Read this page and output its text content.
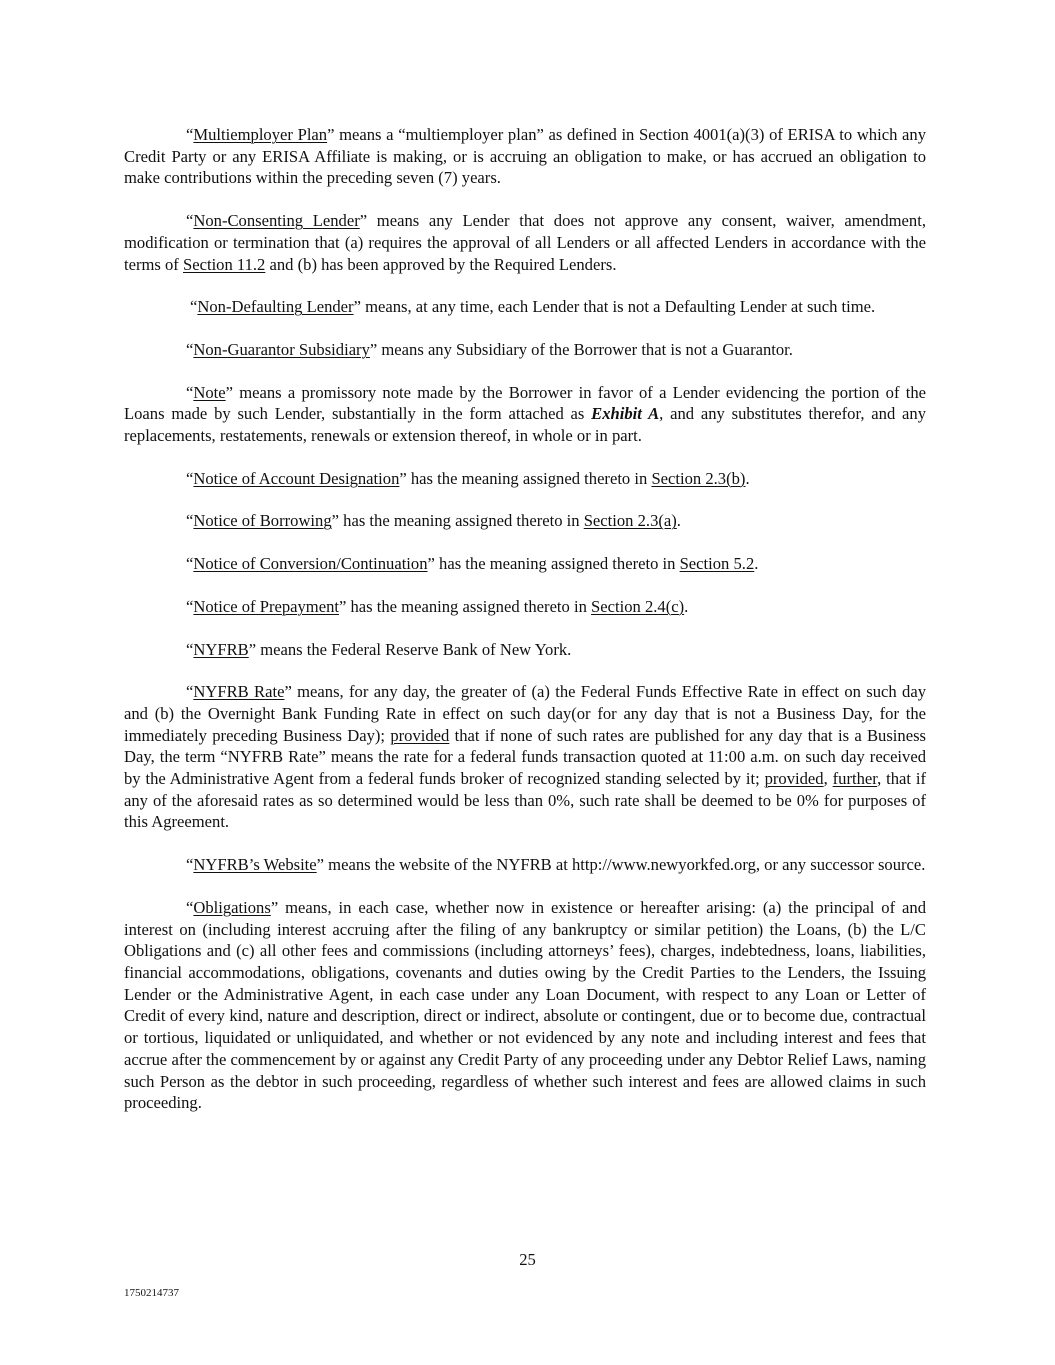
“Multiemployer Plan” means a “multiemployer plan” as defined in Section 4001(a)(3) of ERISA to which any Credit Party or any ERISA Affiliate is making, or is accruing an obligation to make, or has accrued an obligation to make contributions within the preceding seven (7) years.

“Non-Consenting Lender” means any Lender that does not approve any consent, waiver, amendment, modification or termination that (a) requires the approval of all Lenders or all affected Lenders in accordance with the terms of Section 11.2 and (b) has been approved by the Required Lenders.

“Non-Defaulting Lender” means, at any time, each Lender that is not a Defaulting Lender at such time.

“Non-Guarantor Subsidiary” means any Subsidiary of the Borrower that is not a Guarantor.

“Note” means a promissory note made by the Borrower in favor of a Lender evidencing the portion of the Loans made by such Lender, substantially in the form attached as Exhibit A, and any substitutes therefor, and any replacements, restatements, renewals or extension thereof, in whole or in part.

“Notice of Account Designation” has the meaning assigned thereto in Section 2.3(b).

“Notice of Borrowing” has the meaning assigned thereto in Section 2.3(a).

“Notice of Conversion/Continuation” has the meaning assigned thereto in Section 5.2.

“Notice of Prepayment” has the meaning assigned thereto in Section 2.4(c).

“NYFRB” means the Federal Reserve Bank of New York.

“NYFRB Rate” means, for any day, the greater of (a) the Federal Funds Effective Rate in effect on such day and (b) the Overnight Bank Funding Rate in effect on such day(or for any day that is not a Business Day, for the immediately preceding Business Day); provided that if none of such rates are published for any day that is a Business Day, the term “NYFRB Rate” means the rate for a federal funds transaction quoted at 11:00 a.m. on such day received by the Administrative Agent from a federal funds broker of recognized standing selected by it; provided, further, that if any of the aforesaid rates as so determined would be less than 0%, such rate shall be deemed to be 0% for purposes of this Agreement.

“NYFRB’s Website” means the website of the NYFRB at http://www.newyorkfed.org, or any successor source.

“Obligations” means, in each case, whether now in existence or hereafter arising: (a) the principal of and interest on (including interest accruing after the filing of any bankruptcy or similar petition) the Loans, (b) the L/C Obligations and (c) all other fees and commissions (including attorneys’ fees), charges, indebtedness, loans, liabilities, financial accommodations, obligations, covenants and duties owing by the Credit Parties to the Lenders, the Issuing Lender or the Administrative Agent, in each case under any Loan Document, with respect to any Loan or Letter of Credit of every kind, nature and description, direct or indirect, absolute or contingent, due or to become due, contractual or tortious, liquidated or unliquidated, and whether or not evidenced by any note and including interest and fees that accrue after the commencement by or against any Credit Party of any proceeding under any Debtor Relief Laws, naming such Person as the debtor in such proceeding, regardless of whether such interest and fees are allowed claims in such proceeding.

25
1750214737
